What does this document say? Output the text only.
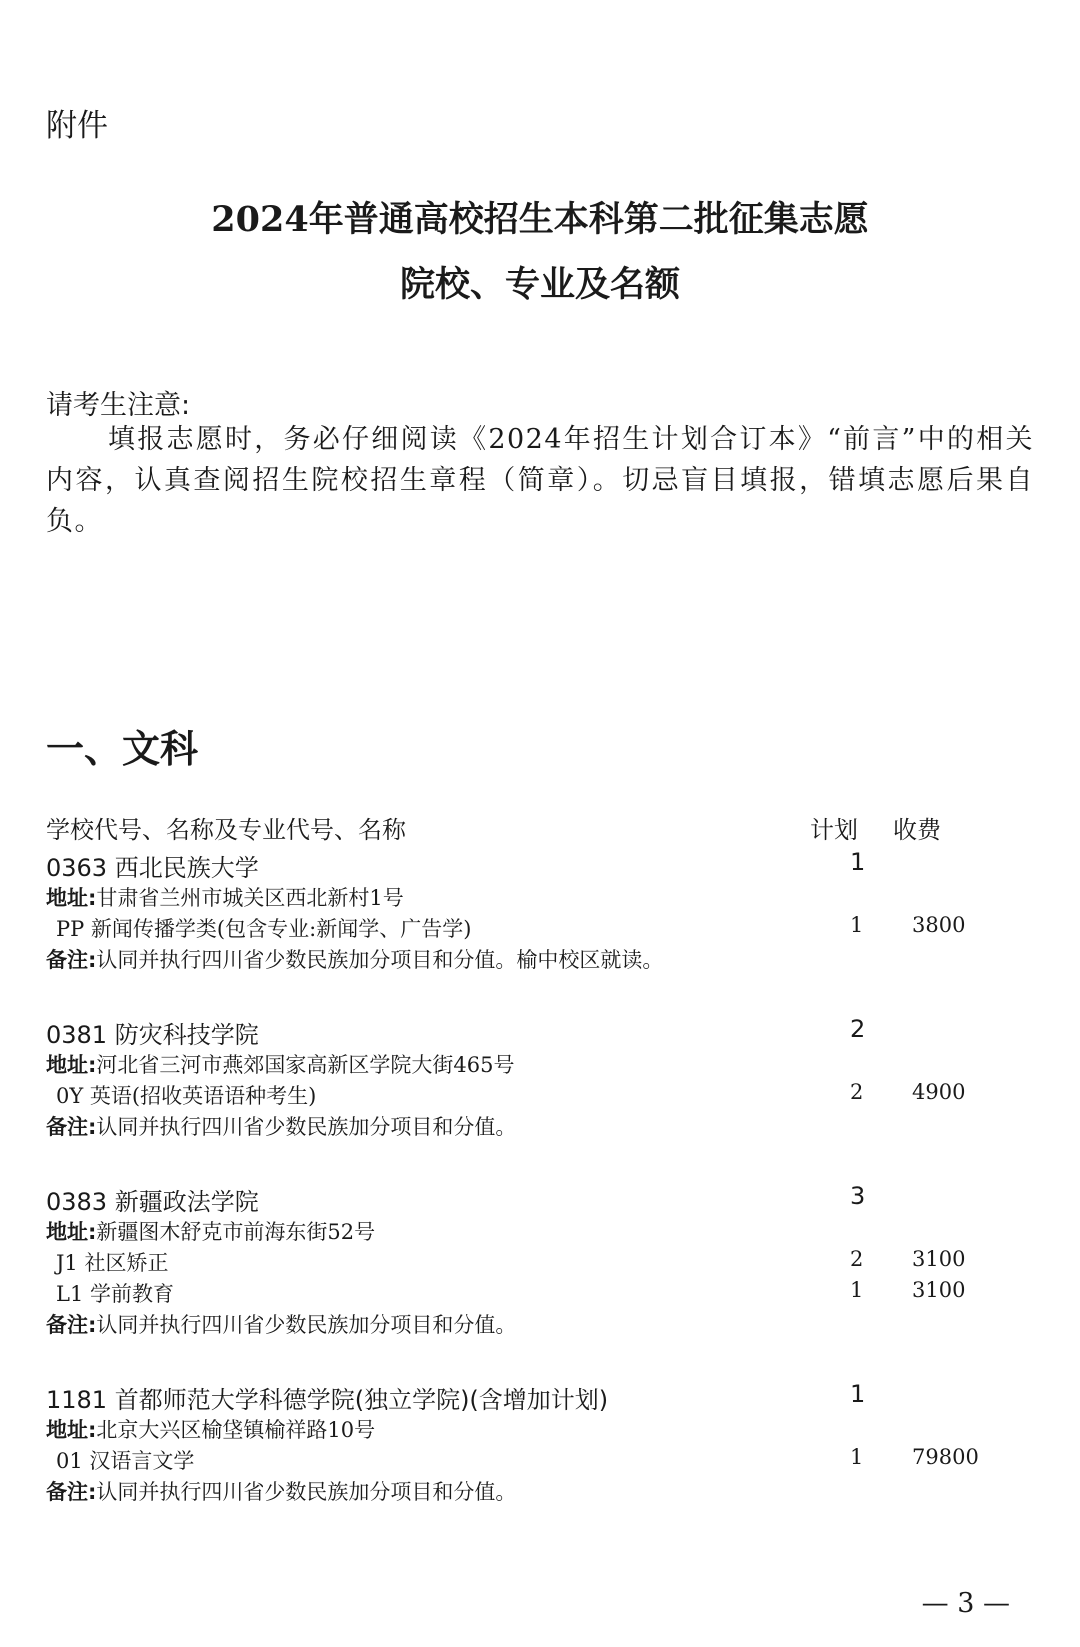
附件
2024年普通高校招生本科第二批征集志愿
院校、专业及名额
请考生注意:
填报志愿时，务必仔细阅读《2024年招生计划合订本》“前言”中的相关内容，认真查阅招生院校招生章程（简章）。切忌盲目填报，错填志愿后果自负。
一、文科
学校代号、名称及专业代号、名称	计划 收费
0363 西北民族大学	1
地址:甘肃省兰州市城关区西北新村1号
PP 新闻传播学类(包含专业:新闻学、广告学)	1 3800
备注:认同并执行四川省少数民族加分项目和分值。榆中校区就读。
0381 防灾科技学院	2
地址:河北省三河市燕郊国家高新区学院大街465号
0Y 英语(招收英语语种考生)	2 4900
备注:认同并执行四川省少数民族加分项目和分值。
0383 新疆政法学院	3
地址:新疆图木舒克市前海东街52号
J1 社区矫正	2 3100
L1 学前教育	1 3100
备注:认同并执行四川省少数民族加分项目和分值。
1181 首都师范大学科德学院(独立学院)(含增加计划)	1
地址:北京大兴区榆垡镇榆祥路10号
01 汉语言文学	1 79800
备注:认同并执行四川省少数民族加分项目和分值。
— 3 —
